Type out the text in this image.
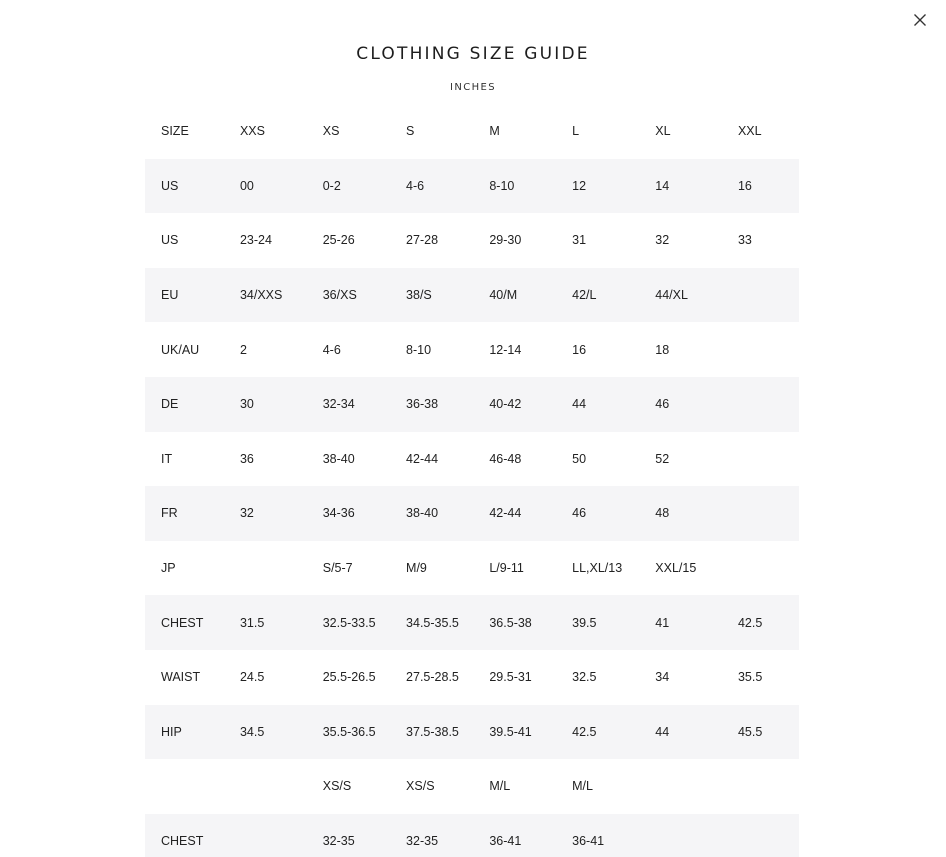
CLOTHING SIZE GUIDE
INCHES
SIZE	XXS	XS	S	M	L	XL	XXL
US	00	0-2	4-6	8-10	12	14	16
US	23-24	25-26	27-28	29-30	31	32	33
EU	34/XXS	36/XS	38/S	40/M	42/L	44/XL	
UK/AU	2	4-6	8-10	12-14	16	18	
DE	30	32-34	36-38	40-42	44	46	
IT	36	38-40	42-44	46-48	50	52	
FR	32	34-36	38-40	42-44	46	48	
JP		S/5-7	M/9	L/9-11	LL,XL/13	XXL/15	
CHEST	31.5	32.5-33.5	34.5-35.5	36.5-38	39.5	41	42.5
WAIST	24.5	25.5-26.5	27.5-28.5	29.5-31	32.5	34	35.5
HIP	34.5	35.5-36.5	37.5-38.5	39.5-41	42.5	44	45.5
		XS/S	XS/S	M/L	M/L		
CHEST		32-35	32-35	36-41	36-41		
